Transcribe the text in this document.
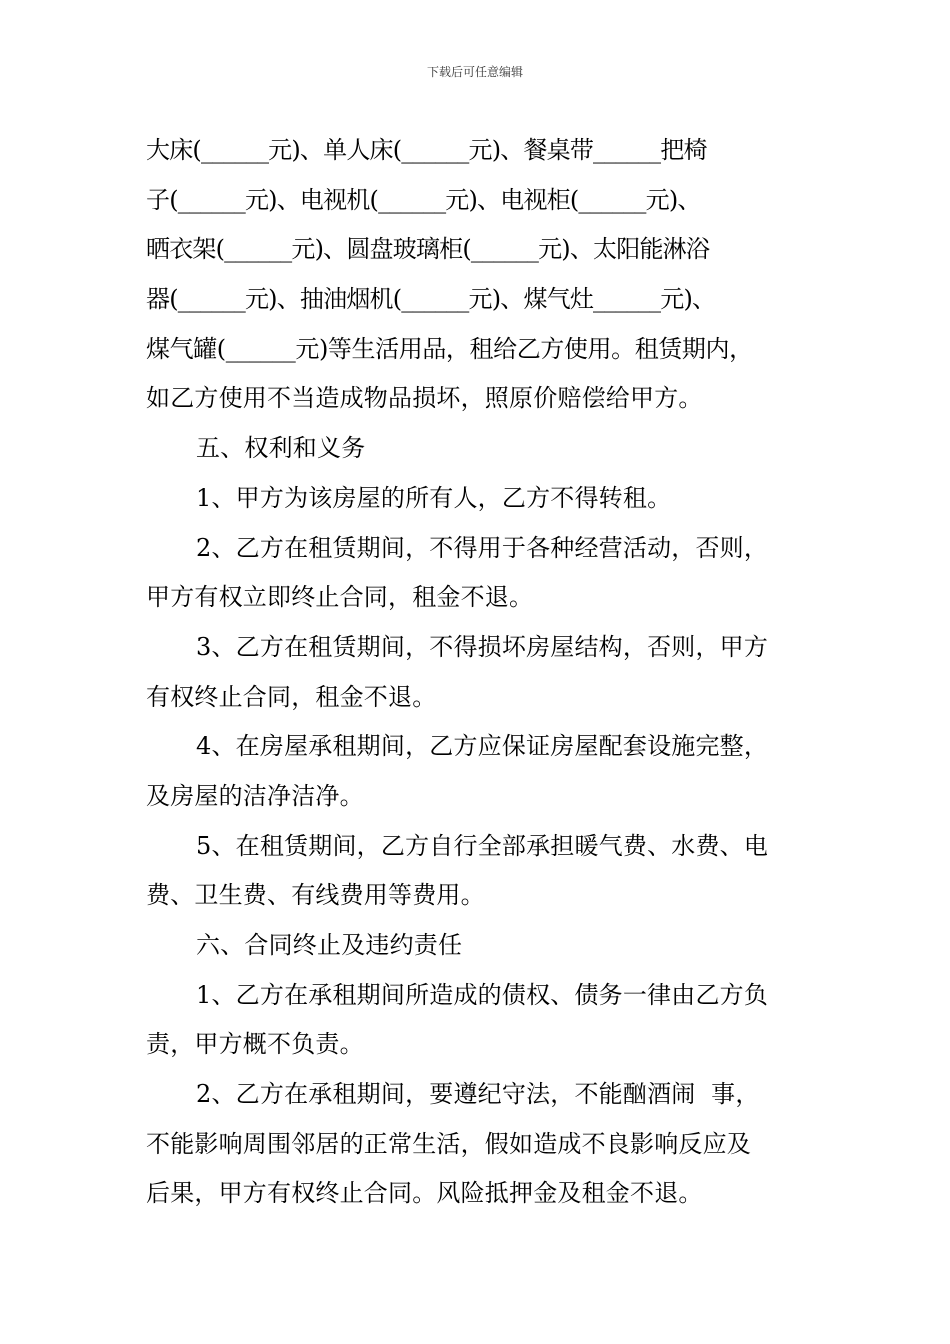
下载后可任意编辑
大床(______元)、单人床(______元)、餐桌带______把椅
子(______元)、电视机(______元)、电视柜(______元)、
晒衣架(______元)、圆盘玻璃柜(______元)、太阳能淋浴
器(______元)、抽油烟机(______元)、煤气灶______元)、
煤气罐(______元)等生活用品，租给乙方使用。租赁期内，
如乙方使用不当造成物品损坏，照原价赔偿给甲方。
五、权利和义务
1、甲方为该房屋的所有人，乙方不得转租。
2、乙方在租赁期间，不得用于各种经营活动，否则，
甲方有权立即终止合同，租金不退。
3、乙方在租赁期间，不得损坏房屋结构，否则，甲方
有权终止合同，租金不退。
4、在房屋承租期间，乙方应保证房屋配套设施完整，
及房屋的洁净洁净。
5、在租赁期间，乙方自行全部承担暖气费、水费、电
费、卫生费、有线费用等费用。
六、合同终止及违约责任
1、乙方在承租期间所造成的债权、债务一律由乙方负
责，甲方概不负责。
2、乙方在承租期间，要遵纪守法，不能酗酒闹  事，
不能影响周围邻居的正常生活，假如造成不良影响反应及
后果，甲方有权终止合同。风险抵押金及租金不退。
